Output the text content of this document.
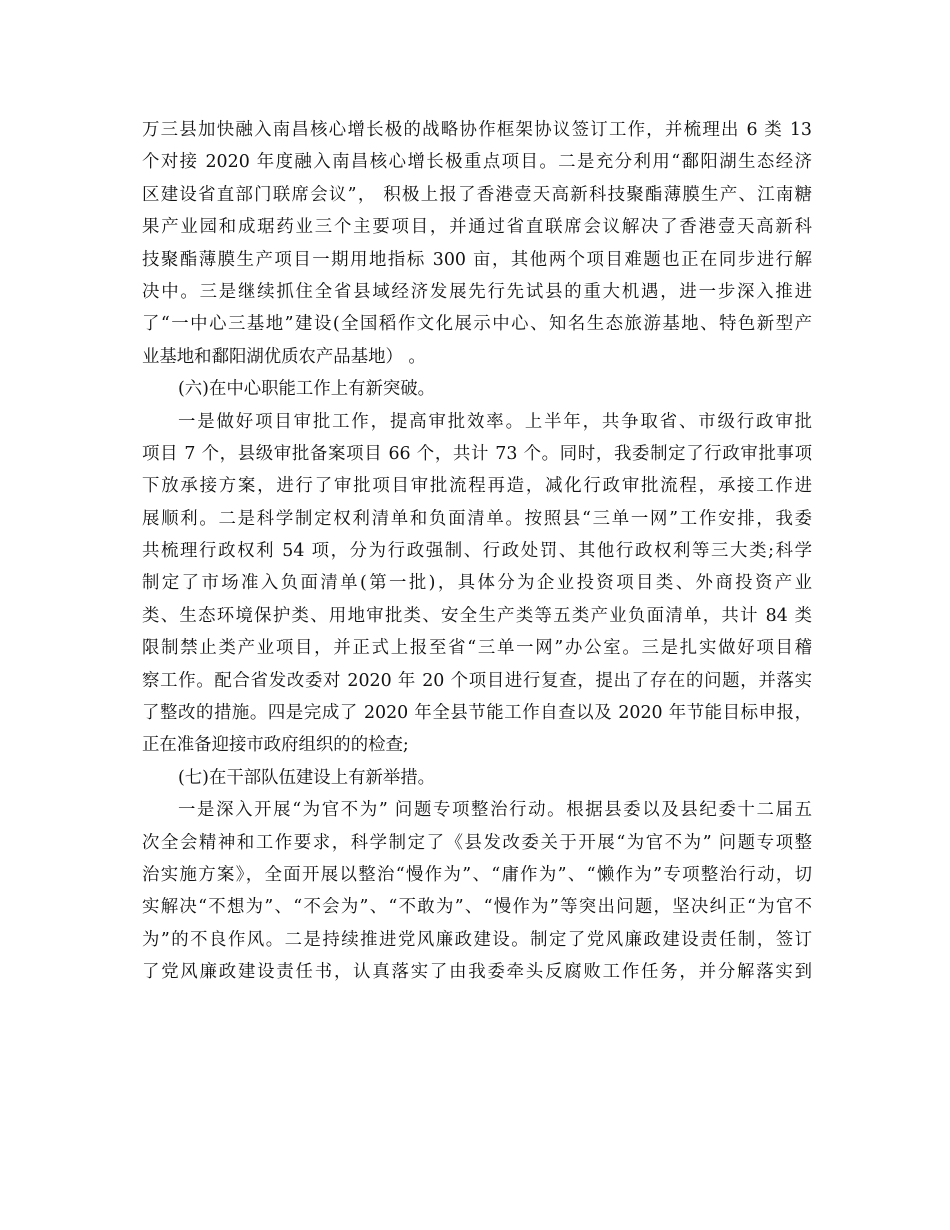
万三县加快融入南昌核心增长极的战略协作框架协议签订工作，并梳理出 6 类 13
个对接 2020 年度融入南昌核心增长极重点项目。二是充分利用“鄱阳湖生态经济
区建设省直部门联席会议”， 积极上报了香港壹天高新科技聚酯薄膜生产、江南糖
果产业园和成琚药业三个主要项目，并通过省直联席会议解决了香港壹天高新科
技聚酯薄膜生产项目一期用地指标 300 亩，其他两个项目难题也正在同步进行解
决中。三是继续抓住全省县域经济发展先行先试县的重大机遇，进一步深入推进
了“一中心三基地”建设(全国稻作文化展示中心、知名生态旅游基地、特色新型产
业基地和鄱阳湖优质农产品基地） 。
(六)在中心职能工作上有新突破。
一是做好项目审批工作，提高审批效率。上半年，共争取省、市级行政审批
项目 7 个，县级审批备案项目 66 个，共计 73 个。同时，我委制定了行政审批事项
下放承接方案，进行了审批项目审批流程再造，减化行政审批流程，承接工作进
展顺利。二是科学制定权利清单和负面清单。按照县“三单一网”工作安排，我委
共梳理行政权利 54 项，分为行政强制、行政处罚、其他行政权利等三大类;科学
制定了市场准入负面清单(第一批)，具体分为企业投资项目类、外商投资产业
类、生态环境保护类、用地审批类、安全生产类等五类产业负面清单，共计 84 类
限制禁止类产业项目，并正式上报至省“三单一网”办公室。三是扎实做好项目稽
察工作。配合省发改委对 2020 年 20 个项目进行复查，提出了存在的问题，并落实
了整改的措施。四是完成了 2020 年全县节能工作自查以及 2020 年节能目标申报，
正在准备迎接市政府组织的的检查;
(七)在干部队伍建设上有新举措。
一是深入开展“为官不为” 问题专项整治行动。根据县委以及县纪委十二届五
次全会精神和工作要求，科学制定了《县发改委关于开展“为官不为” 问题专项整
治实施方案》，全面开展以整治“慢作为”、“庸作为”、“懒作为”专项整治行动，切
实解决“不想为”、“不会为”、“不敢为”、“慢作为”等突出问题，坚决纠正“为官不
为”的不良作风。二是持续推进党风廉政建设。制定了党风廉政建设责任制，签订
了党风廉政建设责任书，认真落实了由我委牵头反腐败工作任务，并分解落实到
